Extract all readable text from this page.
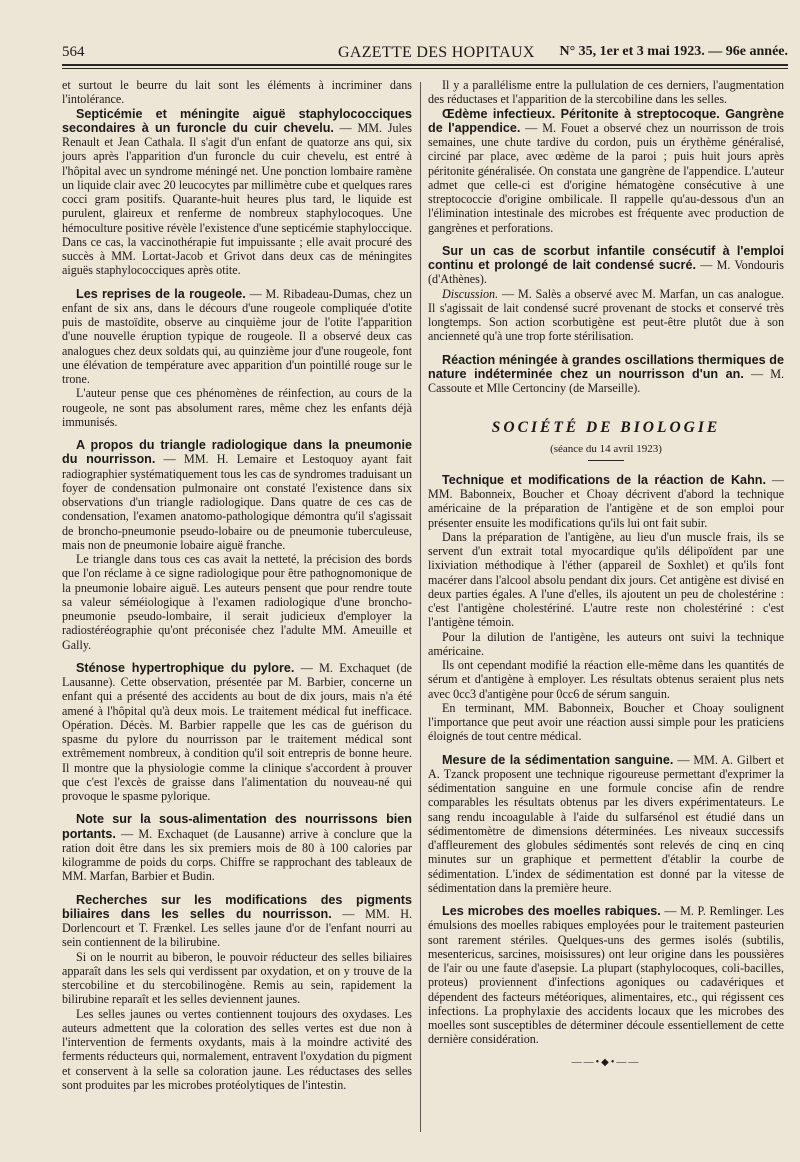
564	GAZETTE DES HOPITAUX N° 35, 1er et 3 mai 1923. — 96e année.

et surtout le beurre du lait sont les éléments à incriminer dans l'intolérance.

Septicémie et méningite aiguë staphylococciques secondaires à un furoncle du cuir chevelu. — MM. Jules Renault et Jean Cathala. Il s'agit d'un enfant de quatorze ans qui, six jours après l'apparition d'un furoncle du cuir chevelu, est entré à l'hôpital avec un syndrome méningé net. Une ponction lombaire ramène un liquide clair avec 20 leucocytes par millimètre cube et quelques rares cocci gram positifs. Quarante-huit heures plus tard, le liquide est purulent, glaireux et renferme de nombreux staphylocoques. Une hémoculture positive révèle l'existence d'une septicémie staphyloccique. Dans ce cas, la vaccinothérapie fut impuissante ; elle avait procuré des succès à MM. Lortat-Jacob et Grivot dans deux cas de méningites aiguës staphylococciques après otite.

Les reprises de la rougeole. — M. Ribadeau-Dumas, chez un enfant de six ans, dans le décours d'une rougeole compliquée d'otite puis de mastoïdite, observe au cinquième jour de l'otite l'apparition d'une nouvelle éruption typique de rougeole. Il a observé deux cas analogues chez deux soldats qui, au quinzième jour d'une rougeole, font une élévation de température avec apparition d'un pointillé rouge sur le trone.

L'auteur pense que ces phénomènes de réinfection, au cours de la rougeole, ne sont pas absolument rares, même chez les enfants déjà immunisés.

A propos du triangle radiologique dans la pneumonie du nourrisson. — MM. H. Lemaire et Lestoquoy ayant fait radiographier systématiquement tous les cas de syndromes traduisant un foyer de condensation pulmonaire ont constaté l'existence dans six observations d'un triangle radiologique. Dans quatre de ces cas de condensation, l'examen anatomo-pathologique démontra qu'il s'agissait de broncho-pneumonie pseudo-lobaire ou de pneumonie tuberculeuse, mais non de pneumonie lobaire aiguë franche.

Le triangle dans tous ces cas avait la netteté, la précision des bords que l'on réclame à ce signe radiologique pour être pathognomonique de la pneumonie lobaire aiguë. Les auteurs pensent que pour rendre toute sa valeur séméiologique à l'examen radiologique d'une broncho-pneumonie pseudo-lombaire, il serait judicieux d'employer la radiostéréographie qu'ont préconisée chez l'adulte MM. Ameuille et Gally.

Sténose hypertrophique du pylore. — M. Exchaquet (de Lausanne). Cette observation, présentée par M. Barbier, concerne un enfant qui a présenté des accidents au bout de dix jours, mais n'a été amené à l'hôpital qu'à deux mois. Le traitement médical fut inefficace. Opération. Décès. M. Barbier rappelle que les cas de guérison du spasme du pylore du nourrisson par le traitement médical sont extrêmement nombreux, à condition qu'il soit entrepris de bonne heure. Il montre que la physiologie comme la clinique s'accordent à prouver que c'est l'excès de graisse dans l'alimentation du nouveau-né qui provoque le spasme pylorique.

Note sur la sous-alimentation des nourrissons bien portants. — M. Exchaquet (de Lausanne) arrive à conclure que la ration doit être dans les six premiers mois de 80 à 100 calories par kilogramme de poids du corps. Chiffre se rapprochant des tableaux de MM. Marfan, Barbier et Budin.

Recherches sur les modifications des pigments biliaires dans les selles du nourrisson. — MM. H. Dorlencourt et T. Frænkel. Les selles jaune d'or de l'enfant nourri au sein contiennent de la bilirubine.

Si on le nourrit au biberon, le pouvoir réducteur des selles biliaires apparaît dans les sels qui verdissent par oxydation, et on y trouve de la stercobiline et du stercobilinogène. Remis au sein, rapidement la bilirubine reparaît et les selles deviennent jaunes.

Les selles jaunes ou vertes contiennent toujours des oxydases. Les auteurs admettent que la coloration des selles vertes est due non à l'intervention de ferments oxydants, mais à la moindre activité des ferments réducteurs qui, normalement, entravent l'oxydation du pigment et conservent à la selle sa coloration jaune. Les réductases des selles sont produites par les microbes protéolytiques de l'intestin.

Il y a parallélisme entre la pullulation de ces derniers, l'augmentation des réductases et l'apparition de la stercobiline dans les selles.

Œdème infectieux. Péritonite à streptocoque. Gangrène de l'appendice. — M. Fouet a observé chez un nourrisson de trois semaines, une chute tardive du cordon, puis un érythème généralisé, circiné par place, avec œdème de la paroi ; puis huit jours après péritonite généralisée. On constata une gangrène de l'appendice. L'auteur admet que celle-ci est d'origine hématogène consécutive à une streptococcie d'origine ombilicale. Il rappelle qu'au-dessous d'un an l'élimination intestinale des microbes est fréquente avec production de gangrènes et perforations.

Sur un cas de scorbut infantile consécutif à l'emploi continu et prolongé de lait condensé sucré. — M. Vondouris (d'Athènes).

Discussion. — M. Salès a observé avec M. Marfan, un cas analogue. Il s'agissait de lait condensé sucré provenant de stocks et conservé très longtemps. Son action scorbutigène est peut-être plutôt due à son ancienneté qu'à une trop forte stérilisation.

Réaction méningée à grandes oscillations thermiques de nature indéterminée chez un nourrisson d'un an. — M. Cassoute et Mlle Certonciny (de Marseille).

SOCIÉTÉ DE BIOLOGIE
(séance du 14 avril 1923)

Technique et modifications de la réaction de Kahn. — MM. Babonneix, Boucher et Choay décrivent d'abord la technique américaine de la préparation de l'antigène et de son emploi pour présenter ensuite les modifications qu'ils lui ont fait subir.

Dans la préparation de l'antigène, au lieu d'un muscle frais, ils se servent d'un extrait total myocardique qu'ils délipoïdent par une lixiviation méthodique à l'éther (appareil de Soxhlet) et qu'ils font macérer dans l'alcool absolu pendant dix jours. Cet antigène est divisé en deux parties égales. A l'une d'elles, ils ajoutent un peu de cholestérine : c'est l'antigène cholestériné. L'autre reste non cholestériné : c'est l'antigène témoin.

Pour la dilution de l'antigène, les auteurs ont suivi la technique américaine.

Ils ont cependant modifié la réaction elle-même dans les quantités de sérum et d'antigène à employer. Les résultats obtenus seraient plus nets avec 0cc3 d'antigène pour 0cc6 de sérum sanguin.

En terminant, MM. Babonneix, Boucher et Choay soulignent l'importance que peut avoir une réaction aussi simple pour les praticiens éloignés de tout centre médical.

Mesure de la sédimentation sanguine. — MM. A. Gilbert et A. Tzanck proposent une technique rigoureuse permettant d'exprimer la sédimentation sanguine en une formule concise afin de rendre comparables les résultats obtenus par les divers expérimentateurs. Le sang rendu incoagulable à l'aide du sulfarsénol est étudié dans un sédimentomètre de dimensions déterminées. Les niveaux successifs d'affleurement des globules sédimentés sont relevés de cinq en cinq minutes sur un graphique et permettent d'établir la courbe de sédimentation. L'index de sédimentation est donné par la vitesse de sédimentation dans la première heure.

Les microbes des moelles rabiques. — M. P. Remlinger. Les émulsions des moelles rabiques employées pour le traitement pasteurien sont rarement stériles. Quelques-uns des germes isolés (subtilis, mesentericus, sarcines, moisissures) ont leur origine dans les poussières de l'air ou une faute d'asepsie. La plupart (staphylocoques, coli-bacilles, proteus) proviennent d'infections agoniques ou cadavériques et dépendent des facteurs météoriques, alimentaires, etc., qui régissent ces infections. La prophylaxie des accidents locaux que les microbes des moelles sont susceptibles de déterminer découle essentiellement de cette dernière considération.

——•◆•——
